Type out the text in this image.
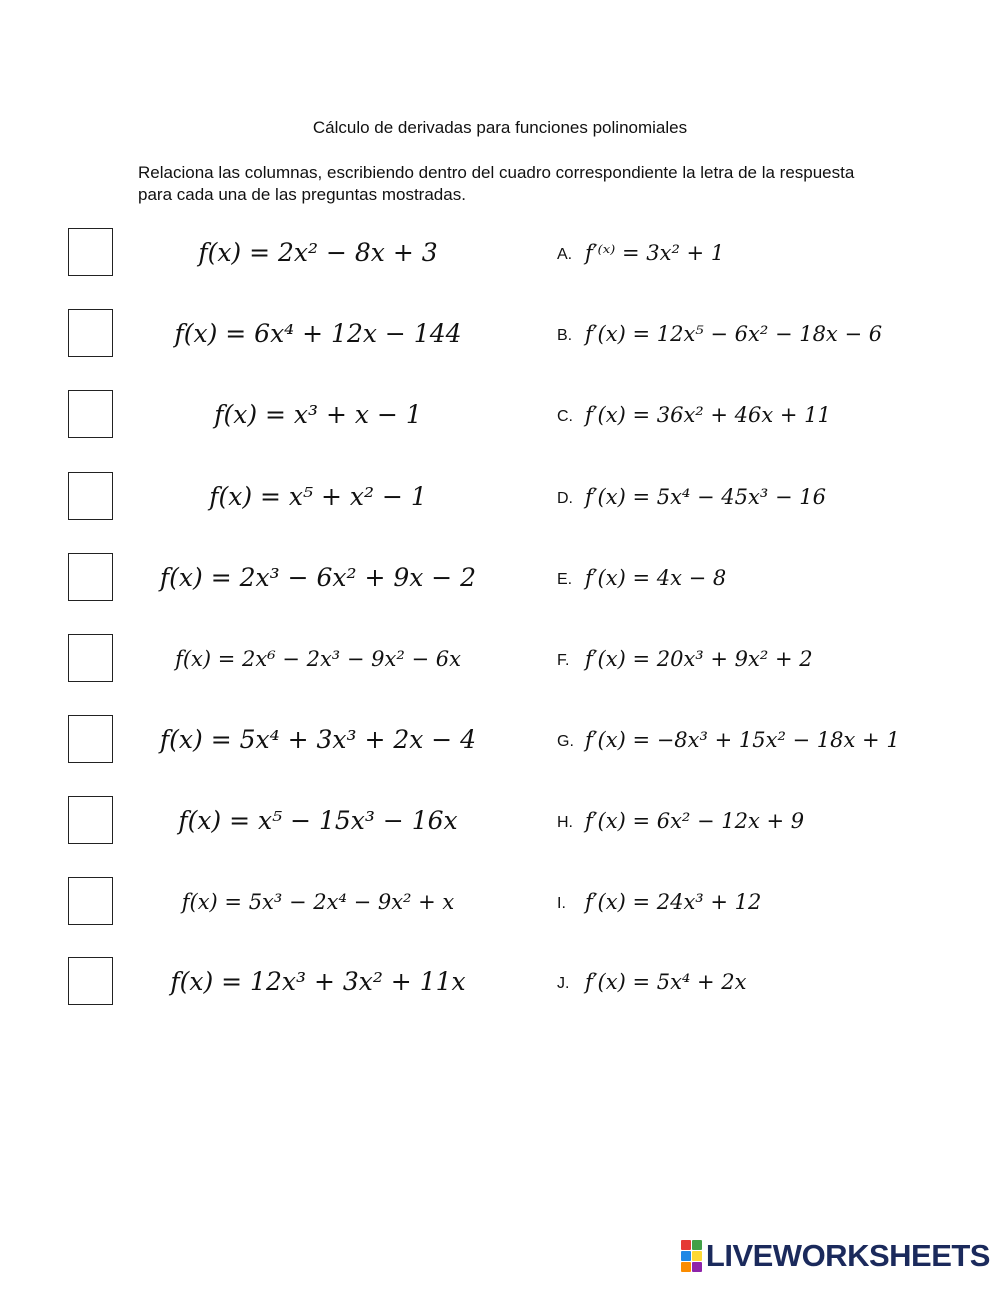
Cálculo de derivadas para funciones polinomiales
Relaciona las columnas, escribiendo dentro del cuadro correspondiente la letra de la respuesta para cada una de las preguntas mostradas.
f(x) = 2x² − 8x + 3	A. f′⁽ˣ⁾ = 3x² + 1
f(x) = 6x⁴ + 12x − 144	B. f′(x) = 12x⁵ − 6x² − 18x − 6
f(x) = x³ + x − 1	C. f′(x) = 36x² + 46x + 11
f(x) = x⁵ + x² − 1	D. f′(x) = 5x⁴ − 45x³ − 16
f(x) = 2x³ − 6x² + 9x − 2	E. f′(x) = 4x − 8
f(x) = 2x⁶ − 2x³ − 9x² − 6x	F. f′(x) = 20x³ + 9x² + 2
f(x) = 5x⁴ + 3x³ + 2x − 4	G. f′(x) = −8x³ + 15x² − 18x + 1
f(x) = x⁵ − 15x³ − 16x	H. f′(x) = 6x² − 12x + 9
f(x) = 5x³ − 2x⁴ − 9x² + x	I. f′(x) = 24x³ + 12
f(x) = 12x³ + 3x² + 11x	J. f′(x) = 5x⁴ + 2x
LIVEWORKSHEETS
